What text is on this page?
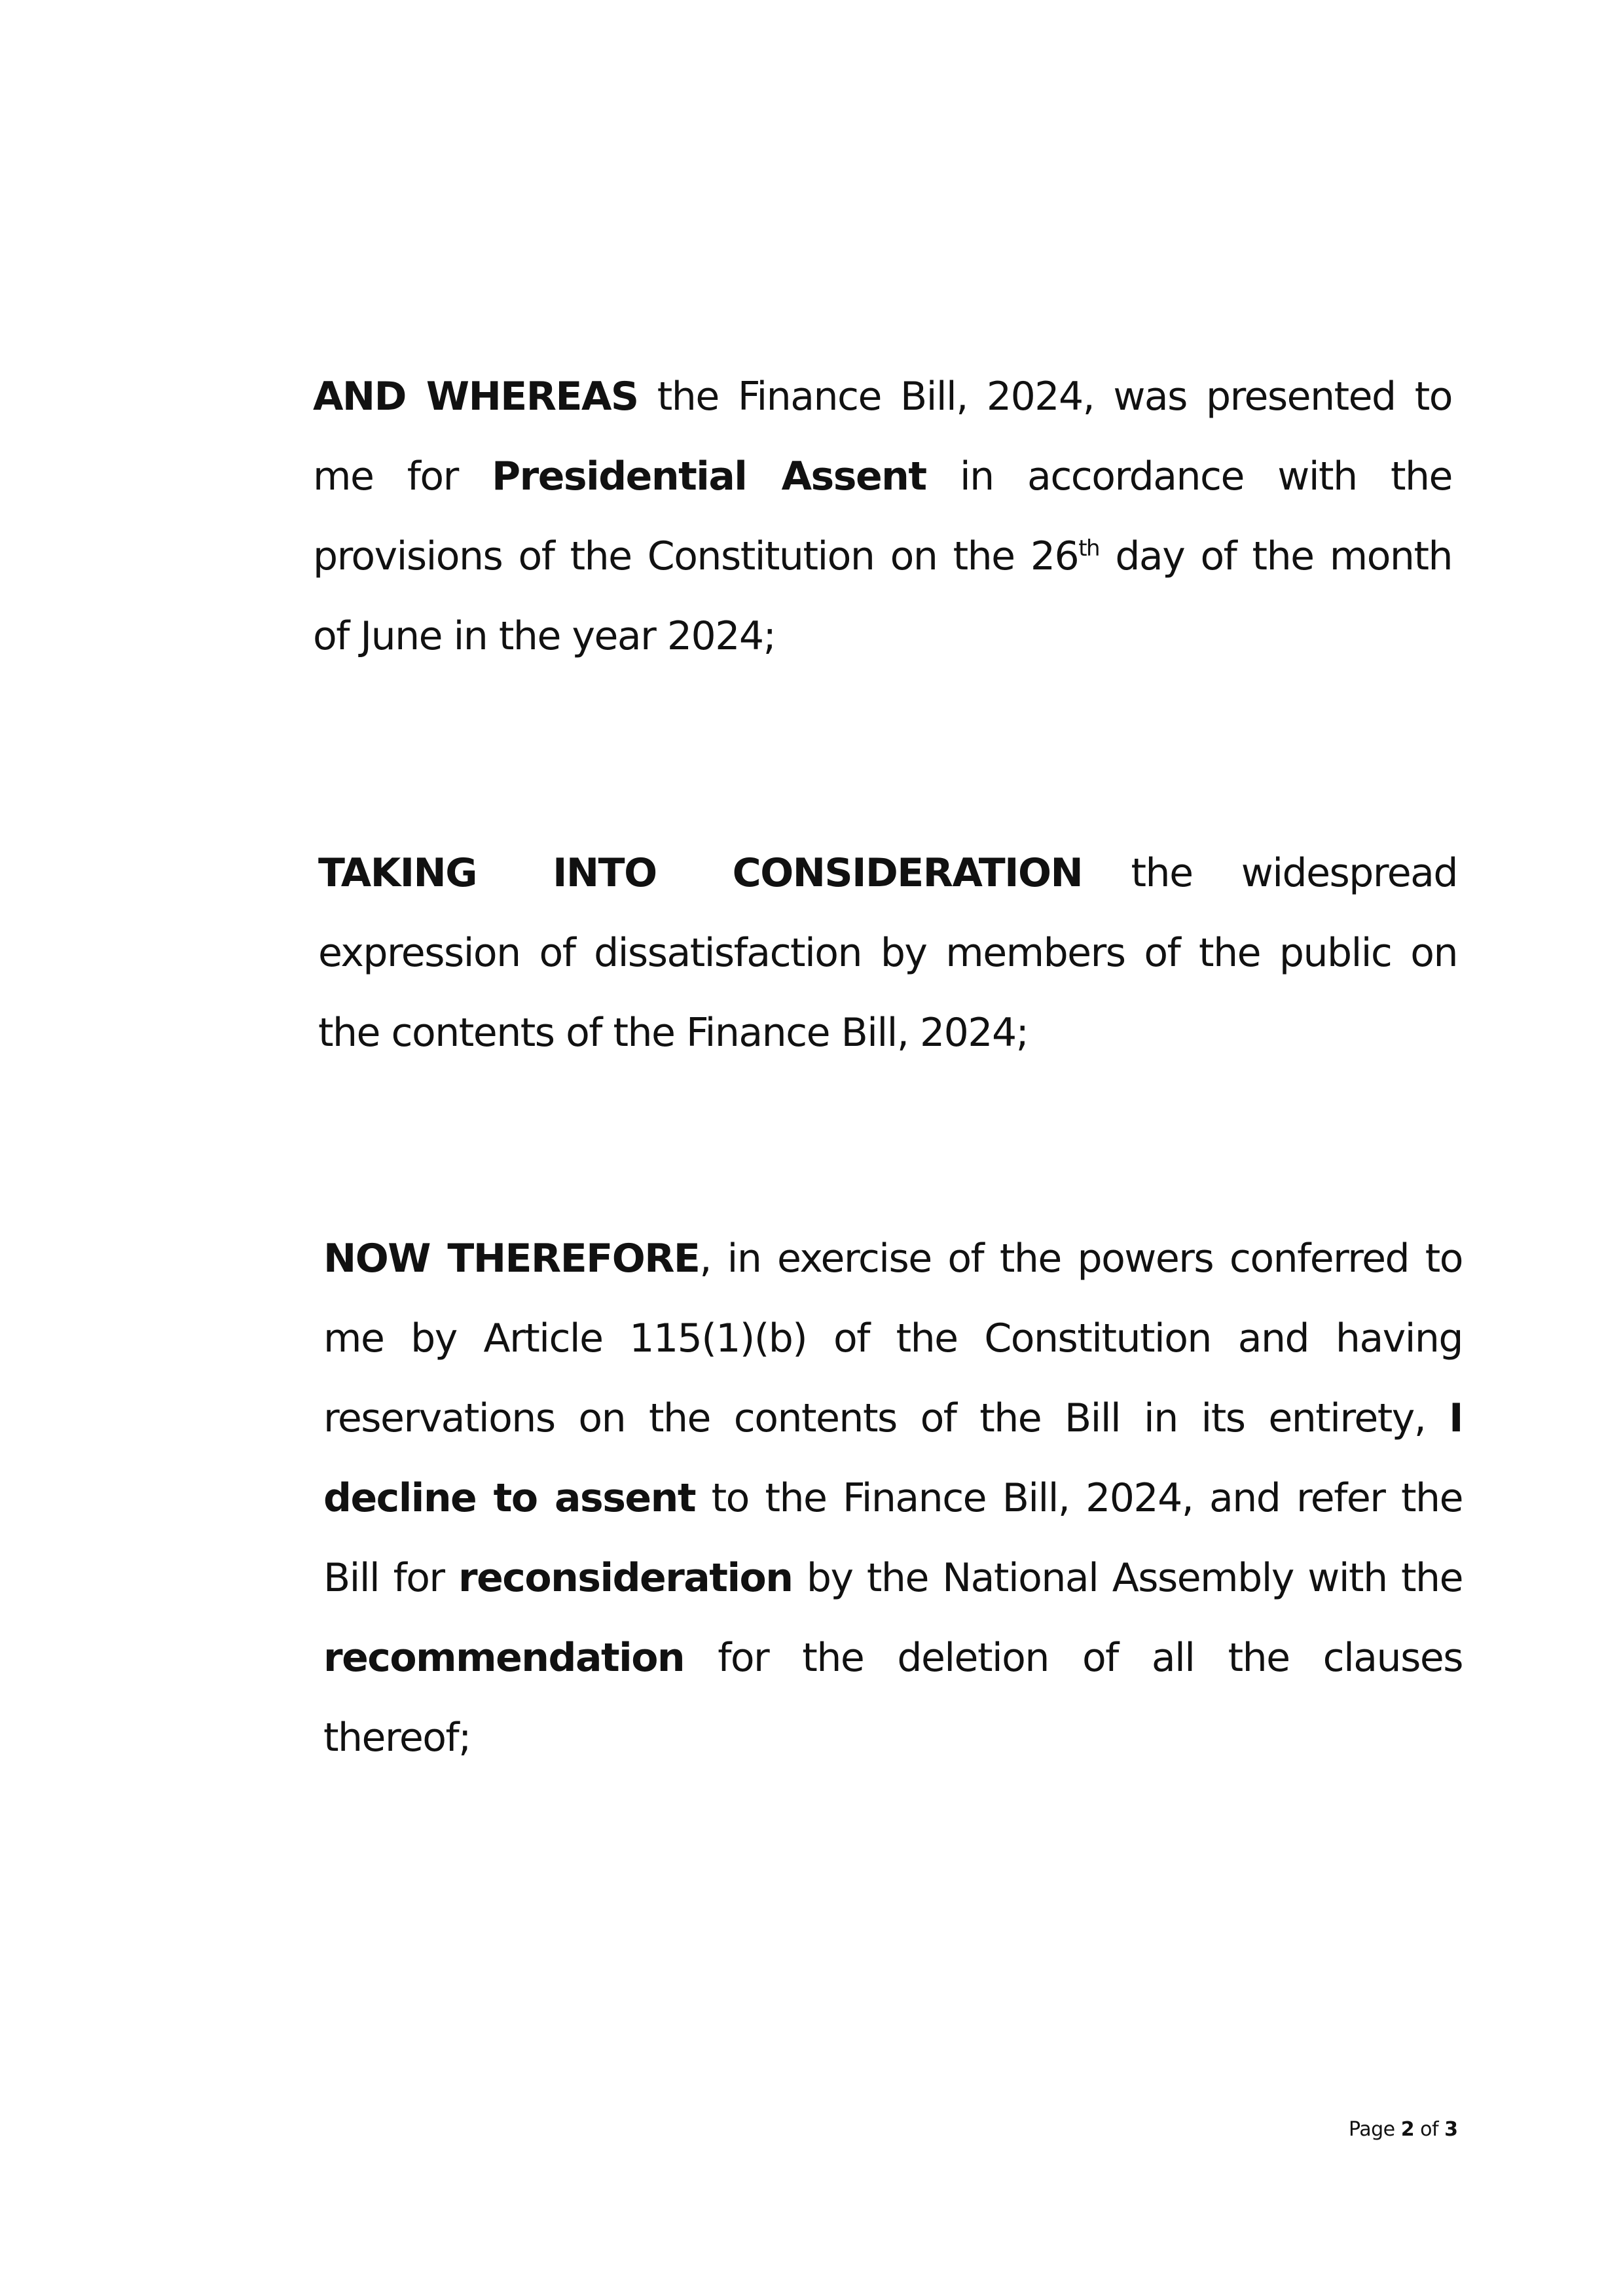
AND WHEREAS the Finance Bill, 2024, was presented to me for Presidential Assent in accordance with the provisions of the Constitution on the 26th day of the month of June in the year 2024;
TAKING INTO CONSIDERATION the widespread expression of dissatisfaction by members of the public on the contents of the Finance Bill, 2024;
NOW THEREFORE, in exercise of the powers conferred to me by Article 115(1)(b) of the Constitution and having reservations on the contents of the Bill in its entirety, I decline to assent to the Finance Bill, 2024, and refer the Bill for reconsideration by the National Assembly with the recommendation for the deletion of all the clauses thereof;
Page 2 of 3
